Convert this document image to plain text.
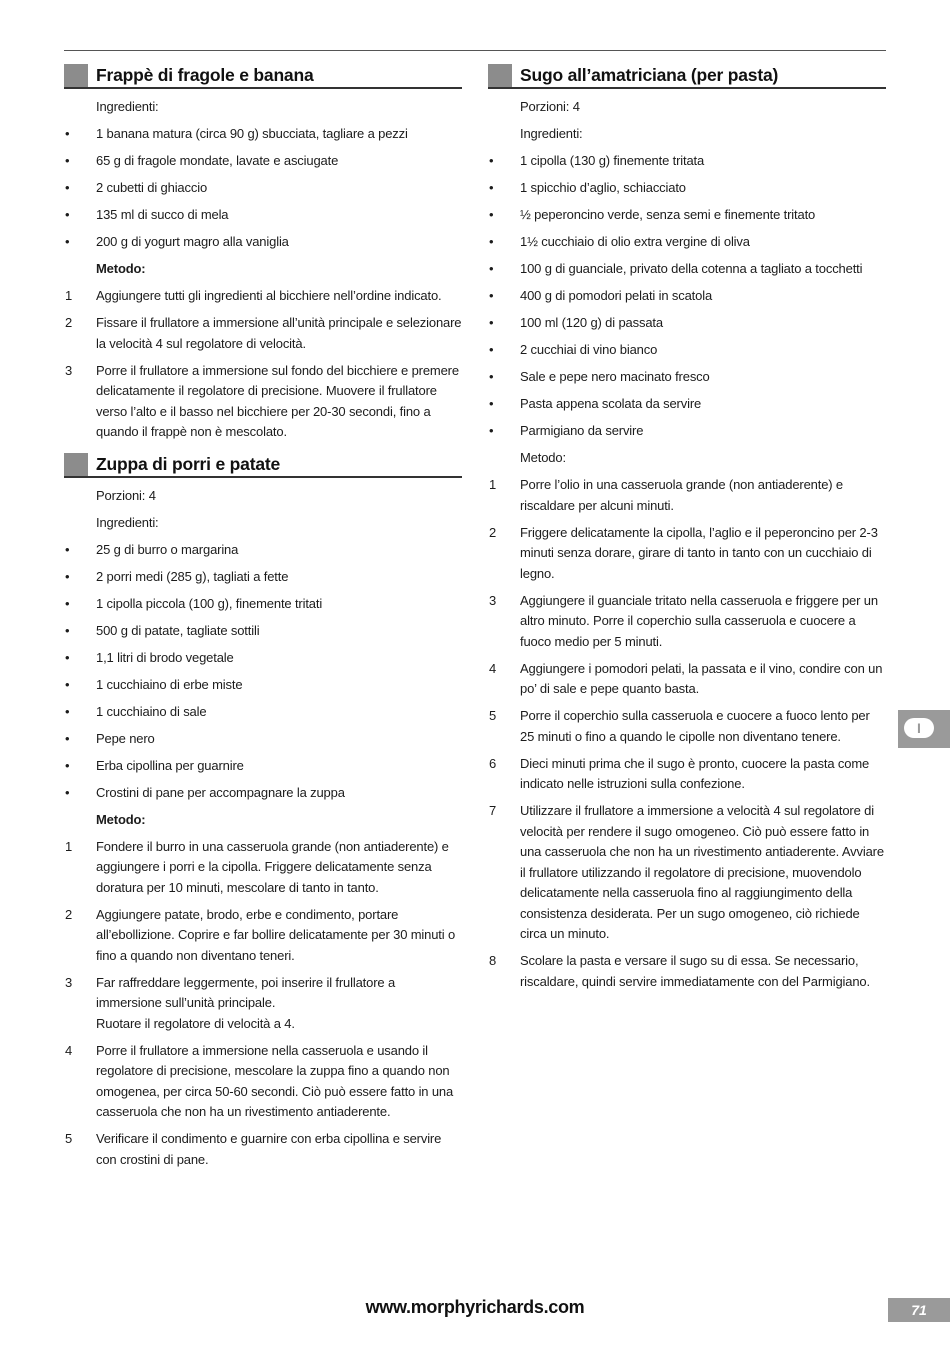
Frappè di fragole e banana
Ingredienti:
•	1 banana matura (circa 90 g) sbucciata, tagliare a pezzi
•	65 g di fragole mondate, lavate e asciugate
•	2 cubetti di ghiaccio
•	135 ml di succo di mela
•	200 g di yogurt magro alla vaniglia
Metodo:
1	Aggiungere tutti gli ingredienti al bicchiere nell’ordine indicato.
2	Fissare il frullatore a immersione all’unità principale e selezionare la velocità 4 sul regolatore di velocità.
3	Porre il frullatore a immersione sul fondo del bicchiere e premere delicatamente il regolatore di precisione. Muovere il frullatore verso l’alto e il basso nel bicchiere per 20-30 secondi, fino a quando il frappè non è mescolato.
Zuppa di porri e patate
Porzioni: 4
Ingredienti:
•	25 g di burro o margarina
•	2 porri medi (285 g), tagliati a fette
•	1 cipolla piccola (100 g), finemente tritati
•	500 g di patate, tagliate sottili
•	1,1 litri di brodo vegetale
•	1 cucchiaino di erbe miste
•	1 cucchiaino di sale
•	Pepe nero
•	Erba cipollina per guarnire
•	Crostini di pane per accompagnare la zuppa
Metodo:
1	Fondere il burro in una casseruola grande (non antiaderente) e aggiungere i porri e la cipolla. Friggere delicatamente senza doratura per 10 minuti, mescolare di tanto in tanto.
2	Aggiungere patate, brodo, erbe e condimento, portare all’ebollizione. Coprire e far bollire delicatamente per 30 minuti o fino a quando non diventano teneri.
3	Far raffreddare leggermente, poi inserire il frullatore a immersione sull’unità principale.
Ruotare il regolatore di velocità a 4.
4	Porre il frullatore a immersione nella casseruola e usando il regolatore di precisione, mescolare la zuppa fino a quando non omogenea, per circa 50-60 secondi. Ciò può essere fatto in una casseruola che non ha un rivestimento antiaderente.
5	Verificare il condimento e guarnire con erba cipollina e servire con crostini di pane.
Sugo all’amatriciana (per pasta)
Porzioni: 4
Ingredienti:
•	1 cipolla (130 g) finemente tritata
•	1 spicchio d’aglio, schiacciato
•	½ peperoncino verde, senza semi e finemente tritato
•	1½ cucchiaio di olio extra vergine di oliva
•	100 g di guanciale, privato della cotenna a tagliato a tocchetti
•	400 g di pomodori pelati in scatola
•	100 ml (120 g) di passata
•	2 cucchiai di vino bianco
•	Sale e pepe nero macinato fresco
•	Pasta appena scolata da servire
•	Parmigiano da servire
Metodo:
1	Porre l’olio in una casseruola grande (non antiaderente) e riscaldare per alcuni minuti.
2	Friggere delicatamente la cipolla, l’aglio e il peperoncino per 2-3 minuti senza dorare, girare di tanto in tanto con un cucchiaio di legno.
3	Aggiungere il guanciale tritato nella casseruola e friggere per un altro minuto. Porre il coperchio sulla casseruola e cuocere a fuoco medio per 5 minuti.
4	Aggiungere i pomodori pelati, la passata e il vino, condire con un po’ di sale e pepe quanto basta.
5	Porre il coperchio sulla casseruola e cuocere a fuoco lento per 25 minuti o fino a quando le cipolle non diventano tenere.
6	Dieci minuti prima che il sugo è pronto, cuocere la pasta come indicato nelle istruzioni sulla confezione.
7	Utilizzare il frullatore a immersione a velocità 4 sul regolatore di velocità per rendere il sugo omogeneo. Ciò può essere fatto in una casseruola che non ha un rivestimento antiaderente. Avviare il frullatore utilizzando il regolatore di precisione, muovendolo delicatamente nella casseruola fino al raggiungimento della consistenza desiderata. Per un sugo omogeneo, ciò richiede circa un minuto.
8	Scolare la pasta e versare il sugo su di essa. Se necessario, riscaldare, quindi servire immediatamente con del Parmigiano.
I
www.morphyrichards.com	71
